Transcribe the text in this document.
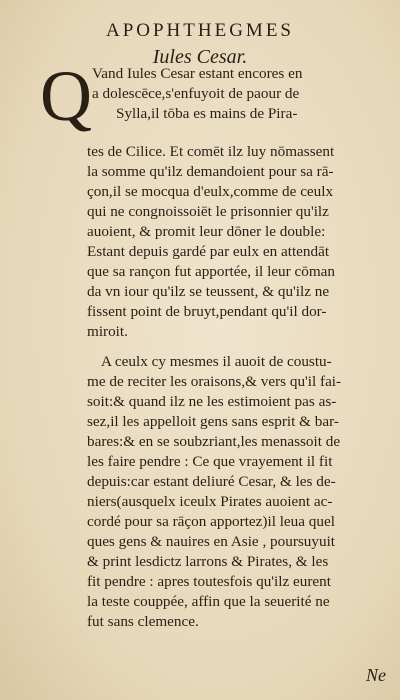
APOPHTHEGMES
Iules Cesar.
Q Vand Iules Cesar estant encores en
a dolescēce,s'enfuyoit de paour de
Sylla,il tōba es mains de Pira-
tes de Cilice. Et comēt ilz luy nōmassent
la somme qu'ilz demandoient pour sa rā-
çon,il se mocqua d'eulx,comme de ceulx
qui ne congnoissoiēt le prisonnier qu'ilz
auoient, & promit leur dōner le double:
Estant depuis gardé par eulx en attendāt
que sa rançon fut apportée, il leur cōman
da vn iour qu'ilz se teussent, & qu'ilz ne
fissent point de bruyt,pendant qu'il dor-
miroit.
A ceulx cy mesmes il auoit de coustu-
me de reciter les oraisons,& vers qu'il fai-
soit:& quand ilz ne les estimoient pas as-
sez,il les appelloit gens sans esprit & bar-
bares:& en se soubzriant,les menassoit de
les faire pendre : Ce que vrayement il fit
depuis:car estant deliuré Cesar, & les de-
niers(ausquelx iceulx Pirates auoient ac-
cordé pour sa rāçon apportez)il leua quel
ques gens & nauires en Asie , poursuyuit
& print lesdictz larrons & Pirates, & les
fit pendre : apres toutesfois qu'ilz eurent
la teste couppée, affin que la seuerité ne
fut sans clemence.
Ne
